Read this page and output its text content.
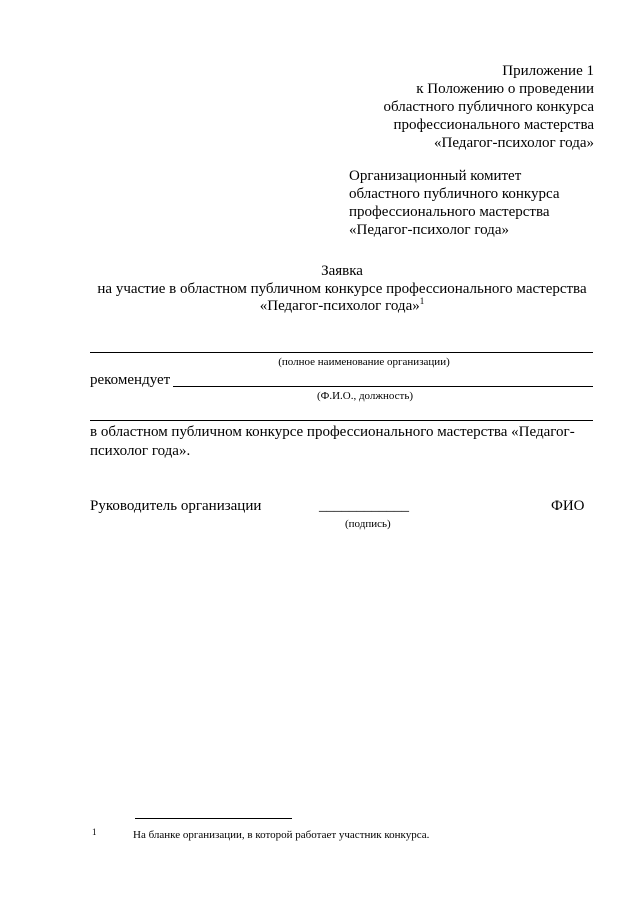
Приложение 1
к Положению о проведении
областного публичного конкурса
профессионального мастерства
«Педагог-психолог года»
Организационный комитет
областного публичного конкурса
профессионального мастерства
«Педагог-психолог года»
Заявка
на участие в областном публичном конкурсе профессионального мастерства
«Педагог-психолог года»$^1$
(полное наименование организации)
рекомендует
(Ф.И.О., должность)
в областном публичном конкурсе профессионального мастерства «Педагог-
психолог года».
Руководитель организации	____________
(подпись)
ФИО
1	На бланке организации, в которой работает участник конкурса.
